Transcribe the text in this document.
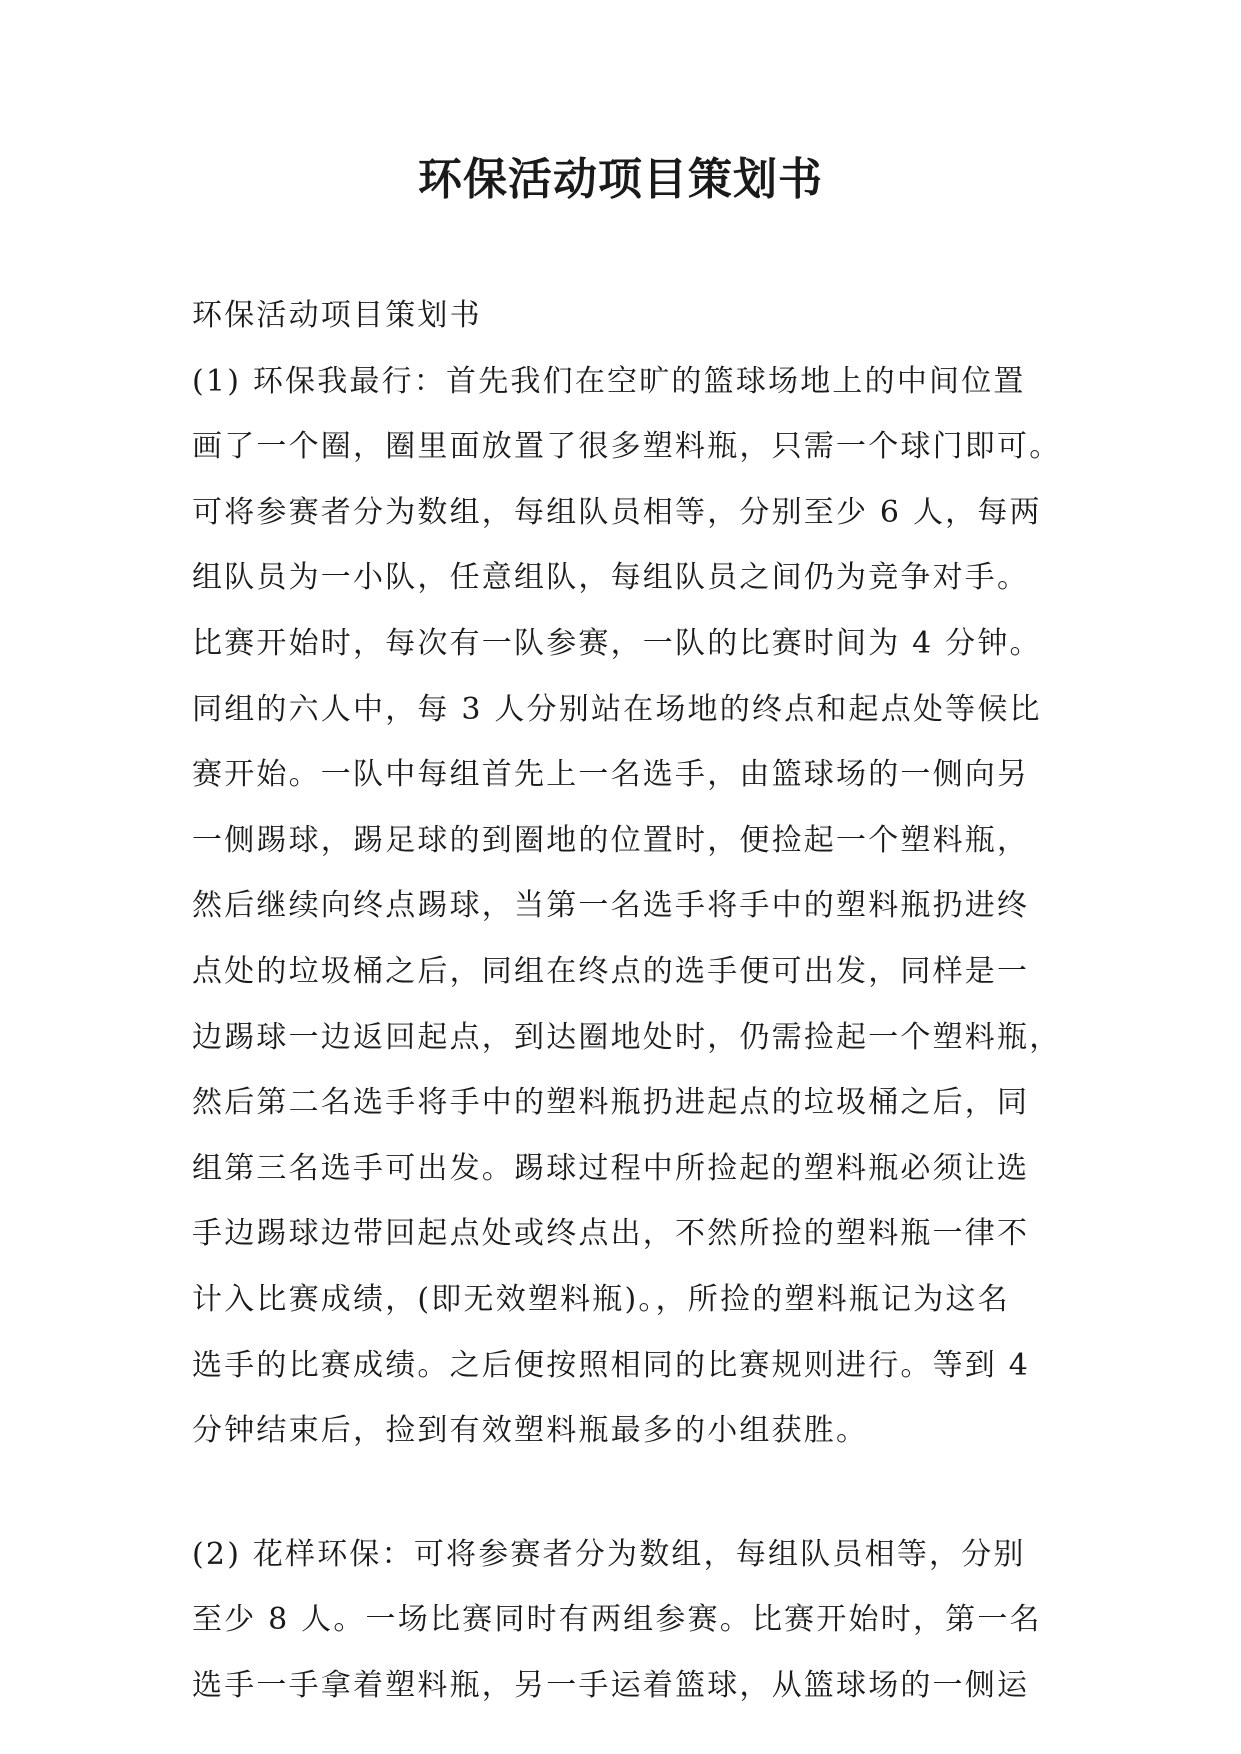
环保活动项目策划书

环保活动项目策划书

(1) 环保我最行：首先我们在空旷的篮球场地上的中间位置

画了一个圈，圈里面放置了很多塑料瓶，只需一个球门即可。

可将参赛者分为数组，每组队员相等，分别至少 6 人，每两

组队员为一小队，任意组队，每组队员之间仍为竞争对手。

比赛开始时，每次有一队参赛，一队的比赛时间为 4 分钟。

同组的六人中，每 3 人分别站在场地的终点和起点处等候比

赛开始。一队中每组首先上一名选手，由篮球场的一侧向另

一侧踢球，踢足球的到圈地的位置时，便捡起一个塑料瓶，

然后继续向终点踢球，当第一名选手将手中的塑料瓶扔进终

点处的垃圾桶之后，同组在终点的选手便可出发，同样是一

边踢球一边返回起点，到达圈地处时，仍需捡起一个塑料瓶，

然后第二名选手将手中的塑料瓶扔进起点的垃圾桶之后，同

组第三名选手可出发。踢球过程中所捡起的塑料瓶必须让选

手边踢球边带回起点处或终点出，不然所捡的塑料瓶一律不

计入比赛成绩，(即无效塑料瓶)。，所捡的塑料瓶记为这名

选手的比赛成绩。之后便按照相同的比赛规则进行。等到 4

分钟结束后，捡到有效塑料瓶最多的小组获胜。

(2) 花样环保：可将参赛者分为数组，每组队员相等，分别

至少 8 人。一场比赛同时有两组参赛。比赛开始时，第一名

选手一手拿着塑料瓶，另一手运着篮球，从篮球场的一侧运
